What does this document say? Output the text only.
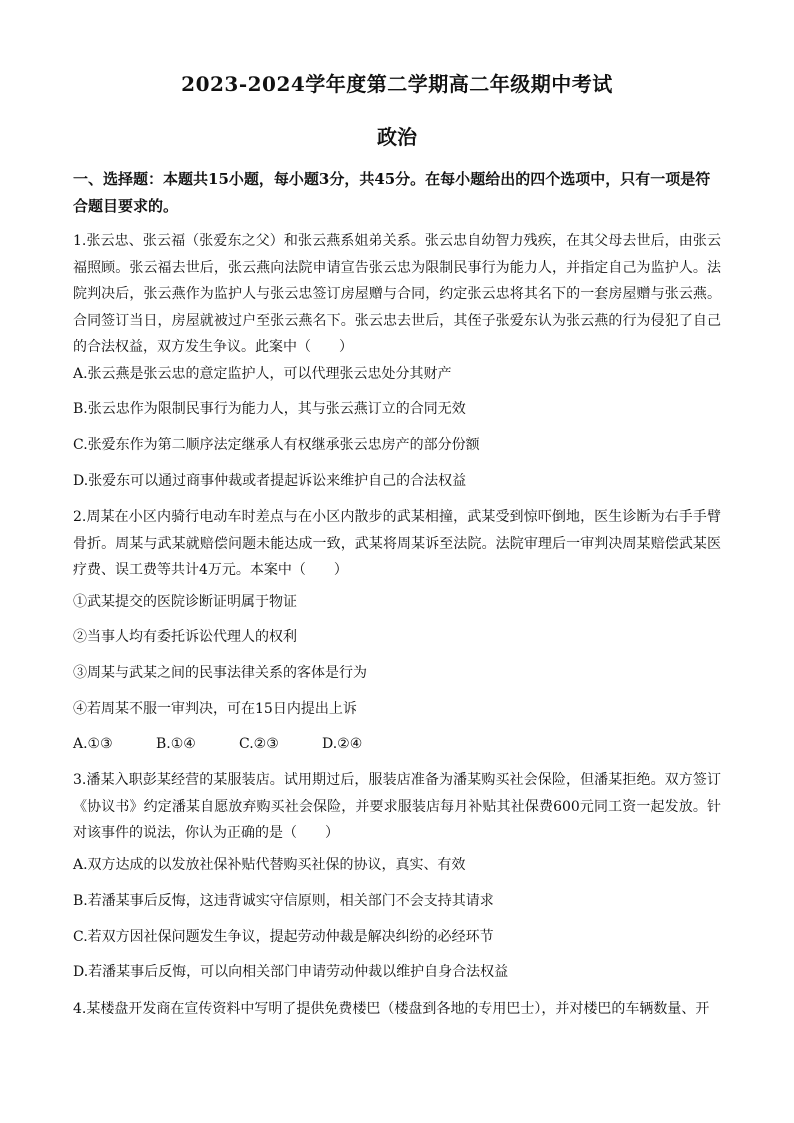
2023-2024学年度第二学期高二年级期中考试
政治
一、选择题：本题共15小题，每小题3分，共45分。在每小题给出的四个选项中，只有一项是符合题目要求的。
1.张云忠、张云福（张爱东之父）和张云燕系姐弟关系。张云忠自幼智力残疾，在其父母去世后，由张云福照顾。张云福去世后，张云燕向法院申请宣告张云忠为限制民事行为能力人，并指定自己为监护人。法院判决后，张云燕作为监护人与张云忠签订房屋赠与合同，约定张云忠将其名下的一套房屋赠与张云燕。合同签订当日，房屋就被过户至张云燕名下。张云忠去世后，其侄子张爱东认为张云燕的行为侵犯了自己的合法权益，双方发生争议。此案中（　　）
A.张云燕是张云忠的意定监护人，可以代理张云忠处分其财产
B.张云忠作为限制民事行为能力人，其与张云燕订立的合同无效
C.张爱东作为第二顺序法定继承人有权继承张云忠房产的部分份额
D.张爱东可以通过商事仲裁或者提起诉讼来维护自己的合法权益
2.周某在小区内骑行电动车时差点与在小区内散步的武某相撞，武某受到惊吓倒地，医生诊断为右手手臂骨折。周某与武某就赔偿问题未能达成一致，武某将周某诉至法院。法院审理后一审判决周某赔偿武某医疗费、误工费等共计4万元。本案中（　　）
①武某提交的医院诊断证明属于物证
②当事人均有委托诉讼代理人的权利
③周某与武某之间的民事法律关系的客体是行为
④若周某不服一审判决，可在15日内提出上诉
A.①③	B.①④	C.②③	D.②④
3.潘某入职彭某经营的某服装店。试用期过后，服装店准备为潘某购买社会保险，但潘某拒绝。双方签订《协议书》约定潘某自愿放弃购买社会保险，并要求服装店每月补贴其社保费600元同工资一起发放。针对该事件的说法，你认为正确的是（　　）
A.双方达成的以发放社保补贴代替购买社保的协议，真实、有效
B.若潘某事后反悔，这违背诚实守信原则，相关部门不会支持其请求
C.若双方因社保问题发生争议，提起劳动仲裁是解决纠纷的必经环节
D.若潘某事后反悔，可以向相关部门申请劳动仲裁以维护自身合法权益
4.某楼盘开发商在宣传资料中写明了提供免费楼巴（楼盘到各地的专用巴士），并对楼巴的车辆数量、开
